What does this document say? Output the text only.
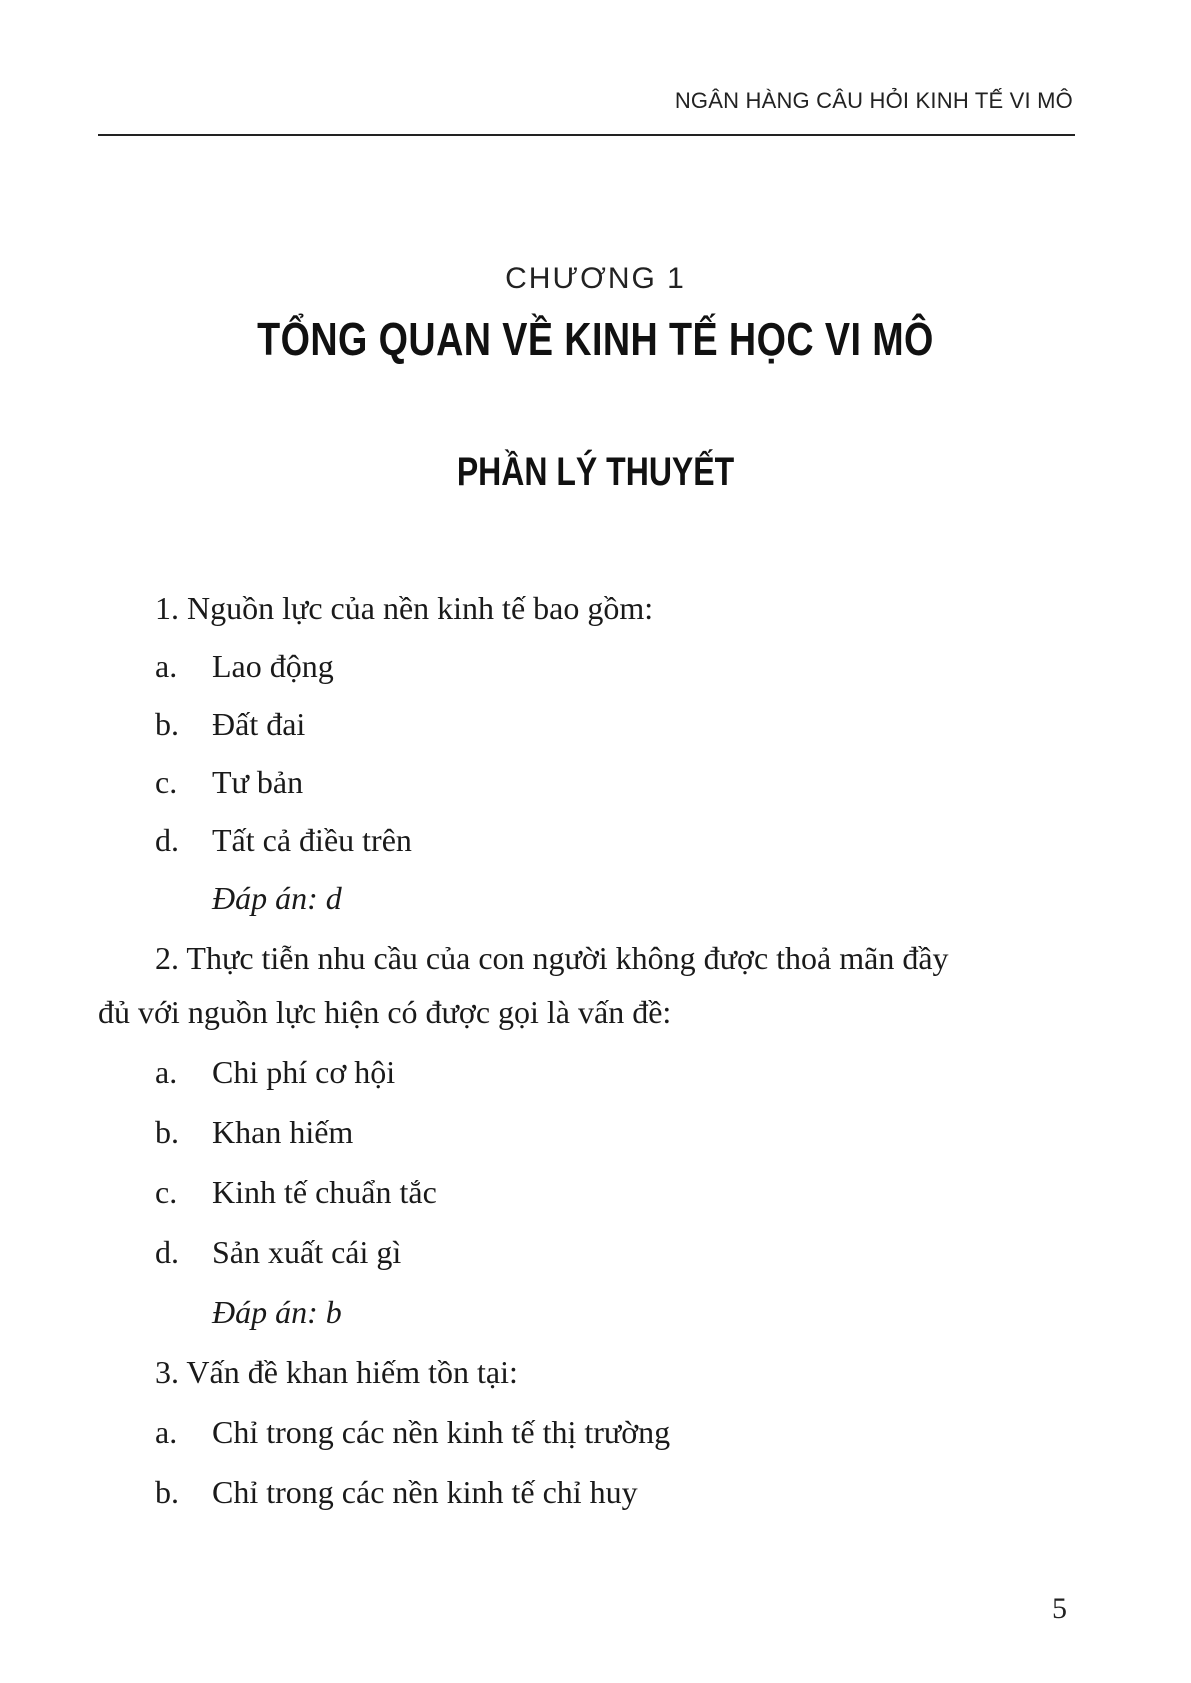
NGÂN HÀNG CÂU HỎI KINH TẾ VI MÔ
CHƯƠNG 1
TỔNG QUAN VỀ KINH TẾ HỌC VI MÔ
PHẦN LÝ THUYẾT
1. Nguồn lực của nền kinh tế bao gồm:
a. Lao động
b. Đất đai
c. Tư bản
d. Tất cả điều trên
Đáp án: d
2. Thực tiễn nhu cầu của con người không được thoả mãn đầy
đủ với nguồn lực hiện có được gọi là vấn đề:
a. Chi phí cơ hội
b. Khan hiếm
c. Kinh tế chuẩn tắc
d. Sản xuất cái gì
Đáp án: b
3. Vấn đề khan hiếm tồn tại:
a. Chỉ trong các nền kinh tế thị trường
b. Chỉ trong các nền kinh tế chỉ huy
5
